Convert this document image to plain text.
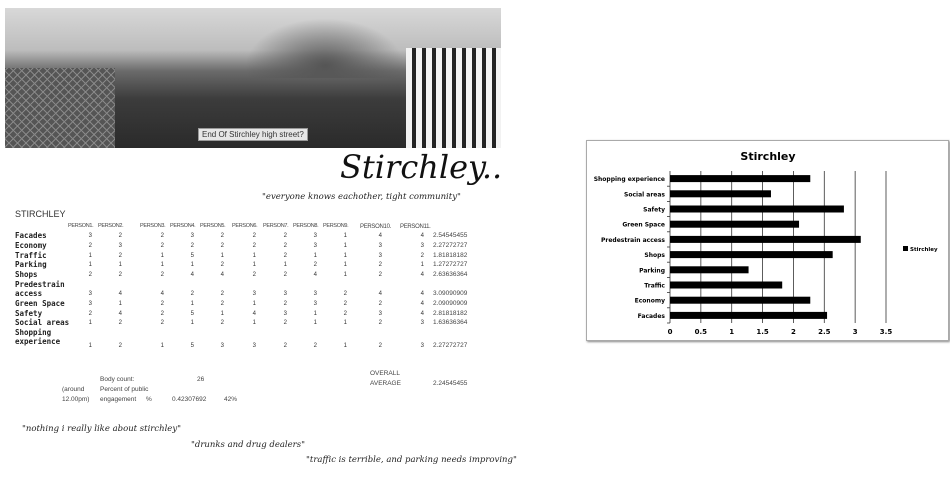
End Of Stirchley high street?
Stirchley..
"everyone knows eachother, tight community"
"nothing i really like about stirchley"
"drunks and drug dealers"
"traffic is terrible, and parking needs improving"
STIRCHLEY
PERSON1. PERSON2.	PERSON3. PERSON4. PERSON5. PERSON6. PERSON7. PERSON8. PERSON9. PERSON10. PERSON11.
Facades	3	2	2	3	2	2	2	3	1	4	4 2.54545455
Economy	2	3	2	2	2	2	2	3	1	3	3 2.27272727
Traffic	1	2	1	5	1	1	2	1	1	3	2 1.81818182
Parking	1	1	1	1	2	1	1	2	1	2	1 1.27272727
Shops	2	2	2	4	4	2	2	4	1	2	4 2.63636364
Predestrain
access	3	4	4	2	2	3	3	3	2	4	4 3.09090909
Green Space	3	1	2	1	2	1	2	3	2	2	4 2.09090909
Safety	2	4	2	5	1	4	3	1	2	3	4 2.81818182
Social areas	1	2	2	1	2	1	2	1	1	2	3 1.63636364
Shopping
experience	1	2	1	5	3	3	2	2	1	2	3 2.27272727
OVERALL
AVERAGE	2.24545455
Body count:	26
(around
12.00pm)
Percent of public
engagement %	0.42307692	42%
Stirchley
0	0.5	1	1.5	2	2.5	3	3.5
Facades
Economy
Traffic
Parking
Shops
Predestrain access
Green Space
Safety
Social areas
Shopping experience
Stirchley
